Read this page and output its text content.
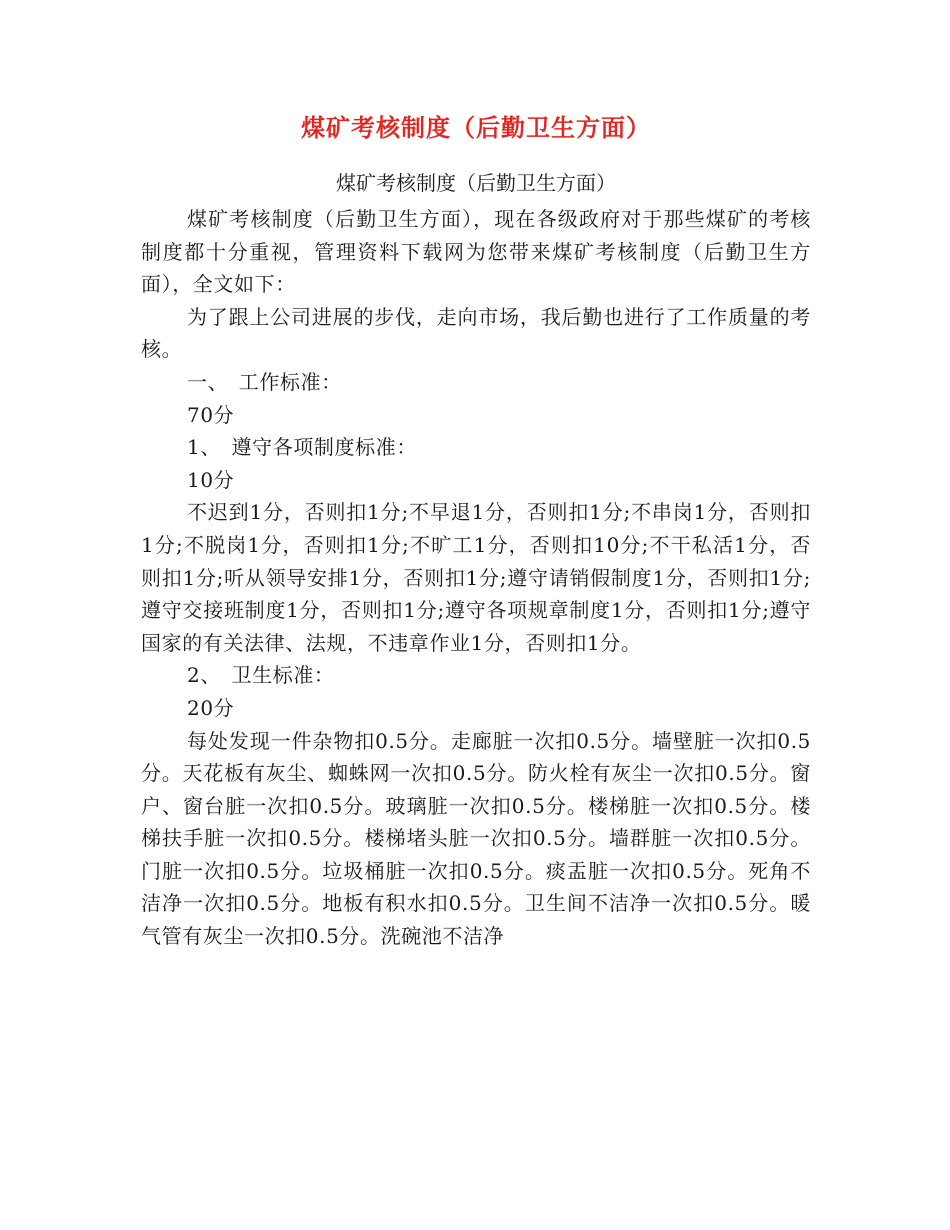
煤矿考核制度（后勤卫生方面）

煤矿考核制度（后勤卫生方面）

煤矿考核制度（后勤卫生方面），现在各级政府对于那些煤矿的考核制度都十分重视，管理资料下载网为您带来煤矿考核制度（后勤卫生方面），全文如下：

为了跟上公司进展的步伐，走向市场，我后勤也进行了工作质量的考核。

一、　工作标准：

70分

1、　遵守各项制度标准：

10分

不迟到1分，否则扣1分;不早退1分，否则扣1分;不串岗1分，否则扣1分;不脱岗1分，否则扣1分;不旷工1分，否则扣10分;不干私活1分，否则扣1分;听从领导安排1分，否则扣1分;遵守请销假制度1分，否则扣1分;遵守交接班制度1分，否则扣1分;遵守各项规章制度1分，否则扣1分;遵守国家的有关法律、法规，不违章作业1分，否则扣1分。

2、　卫生标准：

20分

每处发现一件杂物扣0.5分。走廊脏一次扣0.5分。墙壁脏一次扣0.5分。天花板有灰尘、蜘蛛网一次扣0.5分。防火栓有灰尘一次扣0.5分。窗户、窗台脏一次扣0.5分。玻璃脏一次扣0.5分。楼梯脏一次扣0.5分。楼梯扶手脏一次扣0.5分。楼梯堵头脏一次扣0.5分。墙群脏一次扣0.5分。门脏一次扣0.5分。垃圾桶脏一次扣0.5分。痰盂脏一次扣0.5分。死角不洁净一次扣0.5分。地板有积水扣0.5分。卫生间不洁净一次扣0.5分。暖气管有灰尘一次扣0.5分。洗碗池不洁净
